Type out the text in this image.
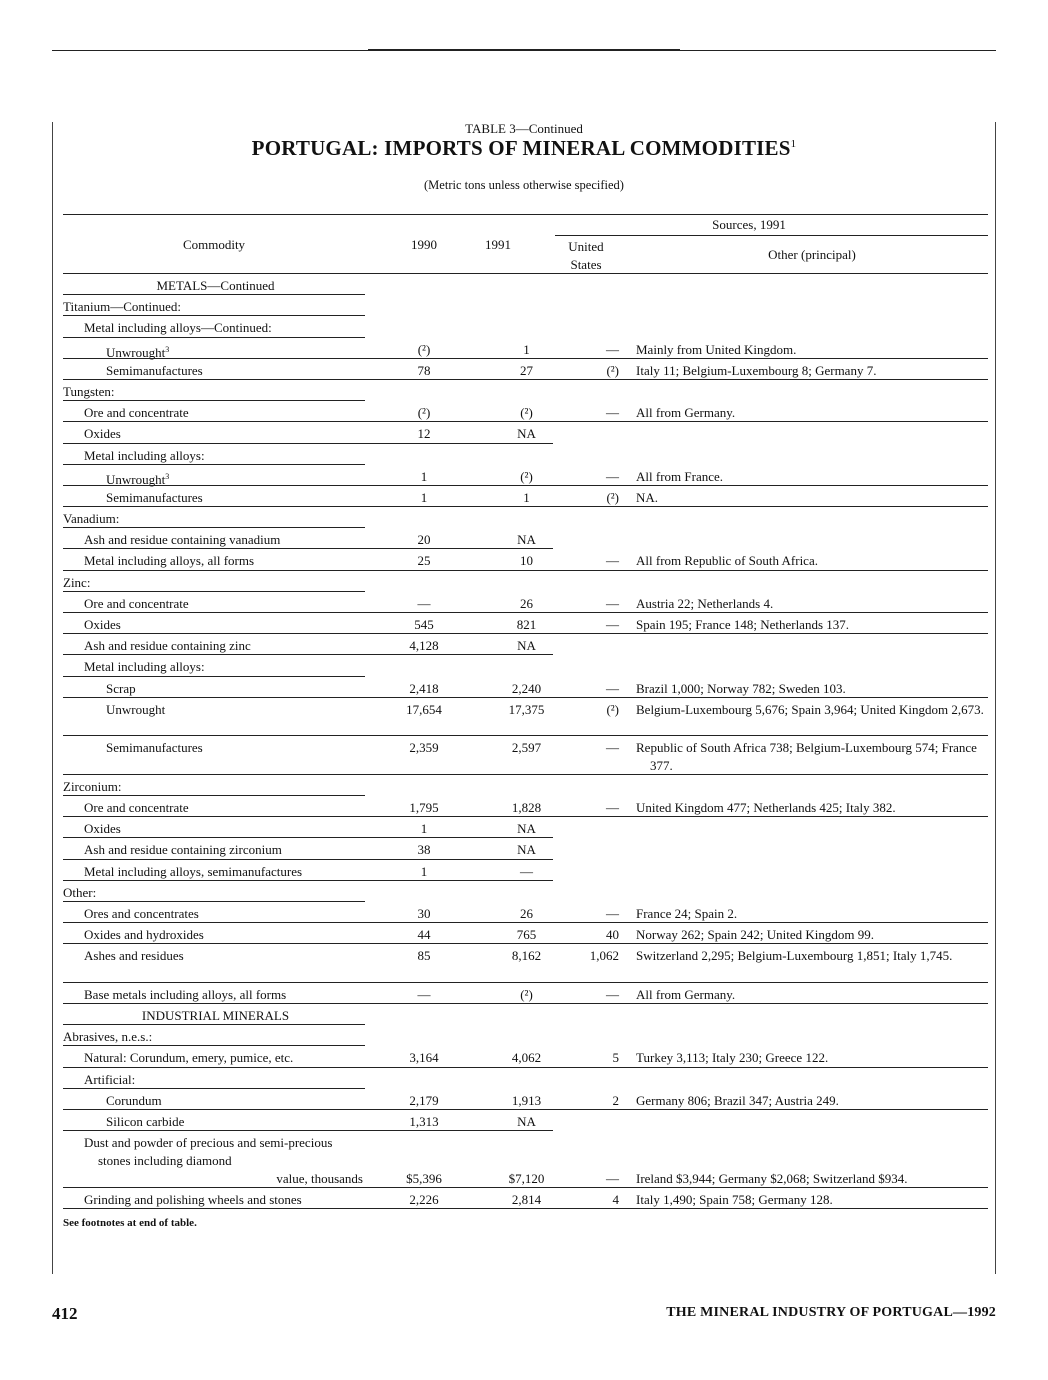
TABLE 3—Continued
PORTUGAL: IMPORTS OF MINERAL COMMODITIES$^1$
(Metric tons unless otherwise specified)
Sources, 1991
Commodity	1990	1991	United
States
Other (principal)
METALS—Continued
Titanium—Continued:
Metal including alloys—Continued:
Unwrought$^3$	(²)	1	— Mainly from United Kingdom.
Semimanufactures	78	27	(²) Italy 11; Belgium-Luxembourg 8; Germany 7.
Tungsten:
Ore and concentrate	(²)	(²)	— All from Germany.
Oxides	12	NA
Metal including alloys:
Unwrought$^3$	1	(²)	— All from France.
Semimanufactures	1	1	(²) NA.
Vanadium:
Ash and residue containing vanadium	20	NA
Metal including alloys, all forms	25	10	— All from Republic of South Africa.
Zinc:
Ore and concentrate	—	26	— Austria 22; Netherlands 4.
Oxides	545	821	— Spain 195; France 148; Netherlands 137.
Ash and residue containing zinc	4,128	NA
Metal including alloys:
Scrap	2,418	2,240	— Brazil 1,000; Norway 782; Sweden 103.
Unwrought	17,654	17,375	(²) Belgium-Luxembourg 5,676; Spain 3,964; United Kingdom 2,673.
Semimanufactures	2,359	2,597	— Republic of South Africa 738; Belgium-Luxembourg 574; France 377.
Zirconium:
Ore and concentrate	1,795	1,828	— United Kingdom 477; Netherlands 425; Italy 382.
Oxides	1	NA
Ash and residue containing zirconium	38	NA
Metal including alloys, semimanufactures	1	—
Other:
Ores and concentrates	30	26	— France 24; Spain 2.
Oxides and hydroxides	44	765	40 Norway 262; Spain 242; United Kingdom 99.
Ashes and residues	85	8,162	1,062 Switzerland 2,295; Belgium-Luxembourg 1,851; Italy 1,745.
Base metals including alloys, all forms	—	(²)	— All from Germany.
INDUSTRIAL MINERALS
Abrasives, n.e.s.:
Natural: Corundum, emery, pumice, etc.	3,164	4,062	5 Turkey 3,113; Italy 230; Greece 122.
Artificial:
Corundum	2,179	1,913	2 Germany 806; Brazil 347; Austria 249.
Silicon carbide	1,313	NA
Dust and powder of precious and semi-precious stones including diamond
value, thousands	$5,396	$7,120	— Ireland $3,944; Germany $2,068; Switzerland $934.
Grinding and polishing wheels and stones	2,226	2,814	4 Italy 1,490; Spain 758; Germany 128.
See footnotes at end of table.
412	THE MINERAL INDUSTRY OF PORTUGAL—1992
